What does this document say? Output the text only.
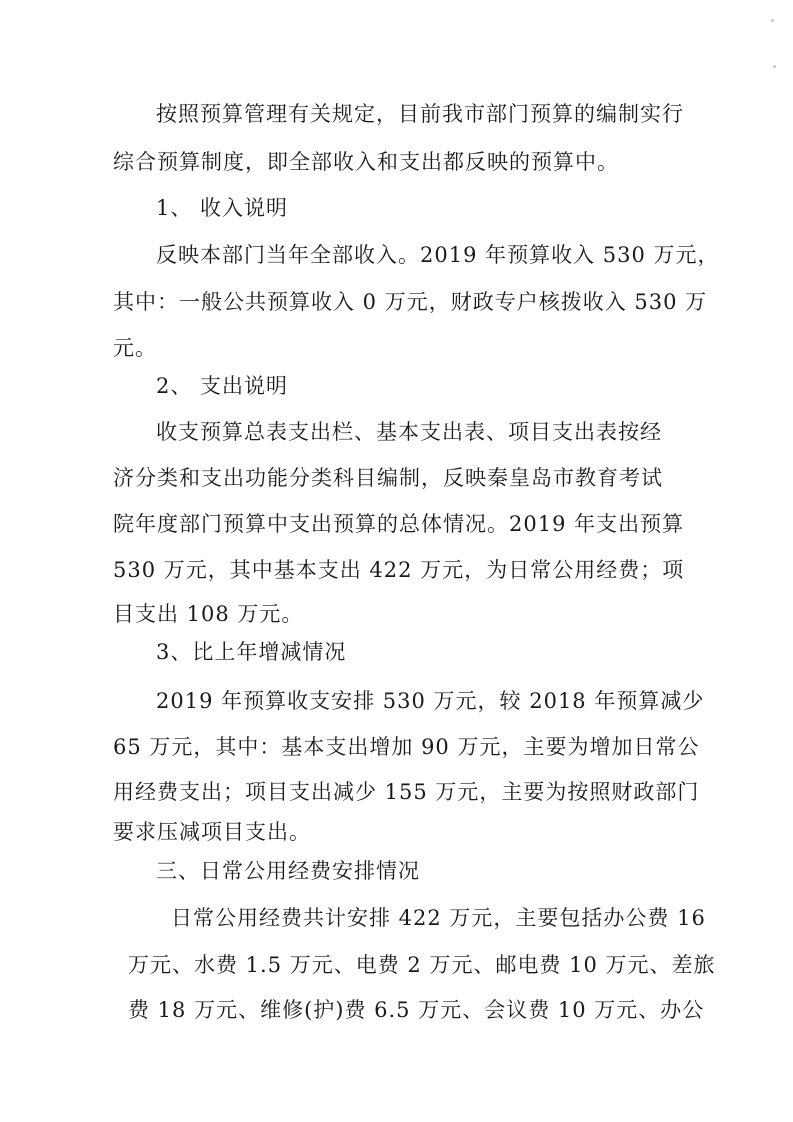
按照预算管理有关规定，目前我市部门预算的编制实行
综合预算制度，即全部收入和支出都反映的预算中。
1、 收入说明
反映本部门当年全部收入。2019 年预算收入 530 万元，
其中：一般公共预算收入 0 万元，财政专户核拨收入 530 万
元。
2、 支出说明
收支预算总表支出栏、基本支出表、项目支出表按经
济分类和支出功能分类科目编制，反映秦皇岛市教育考试
院年度部门预算中支出预算的总体情况。2019 年支出预算
530 万元，其中基本支出 422 万元，为日常公用经费；项
目支出 108 万元。
3、比上年增减情况
2019 年预算收支安排 530 万元，较 2018 年预算减少
65 万元，其中：基本支出增加 90 万元，主要为增加日常公
用经费支出；项目支出减少 155 万元，主要为按照财政部门
要求压减项目支出。
三、日常公用经费安排情况
日常公用经费共计安排 422 万元，主要包括办公费 16
万元、水费 1.5 万元、电费 2 万元、邮电费 10 万元、差旅
费 18 万元、维修(护)费 6.5 万元、会议费 10 万元、办公
